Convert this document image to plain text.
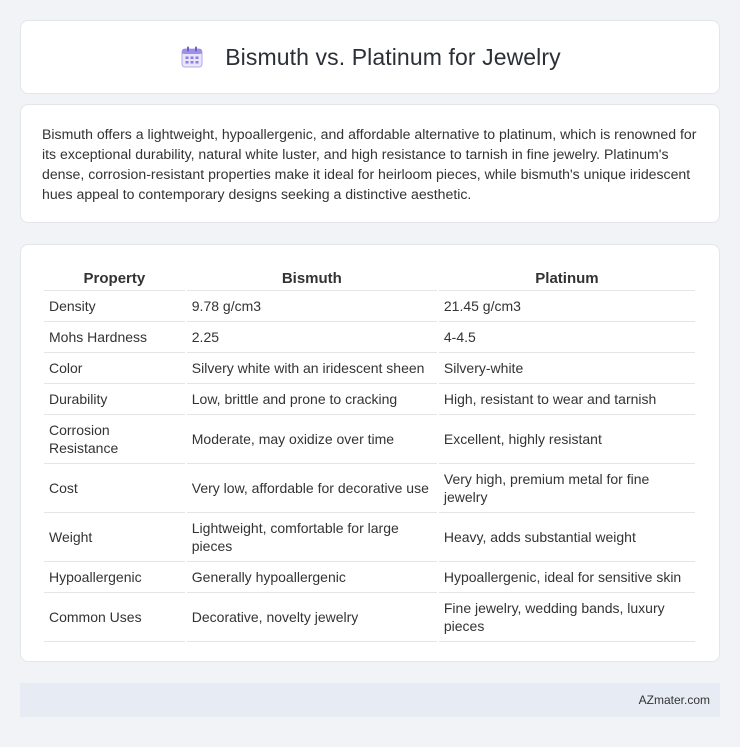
Bismuth vs. Platinum for Jewelry

Bismuth offers a lightweight, hypoallergenic, and affordable alternative to platinum, which is renowned for its exceptional durability, natural white luster, and high resistance to tarnish in fine jewelry. Platinum's dense, corrosion-resistant properties make it ideal for heirloom pieces, while bismuth's unique iridescent hues appeal to contemporary designs seeking a distinctive aesthetic.

Property	Bismuth	Platinum
Density	9.78 g/cm3	21.45 g/cm3
Mohs Hardness	2.25	4-4.5
Color	Silvery white with an iridescent sheen	Silvery-white
Durability	Low, brittle and prone to cracking	High, resistant to wear and tarnish
Corrosion Resistance	Moderate, may oxidize over time	Excellent, highly resistant
Cost	Very low, affordable for decorative use	Very high, premium metal for fine jewelry
Weight	Lightweight, comfortable for large pieces	Heavy, adds substantial weight
Hypoallergenic	Generally hypoallergenic	Hypoallergenic, ideal for sensitive skin
Common Uses	Decorative, novelty jewelry	Fine jewelry, wedding bands, luxury pieces
AZmater.com
